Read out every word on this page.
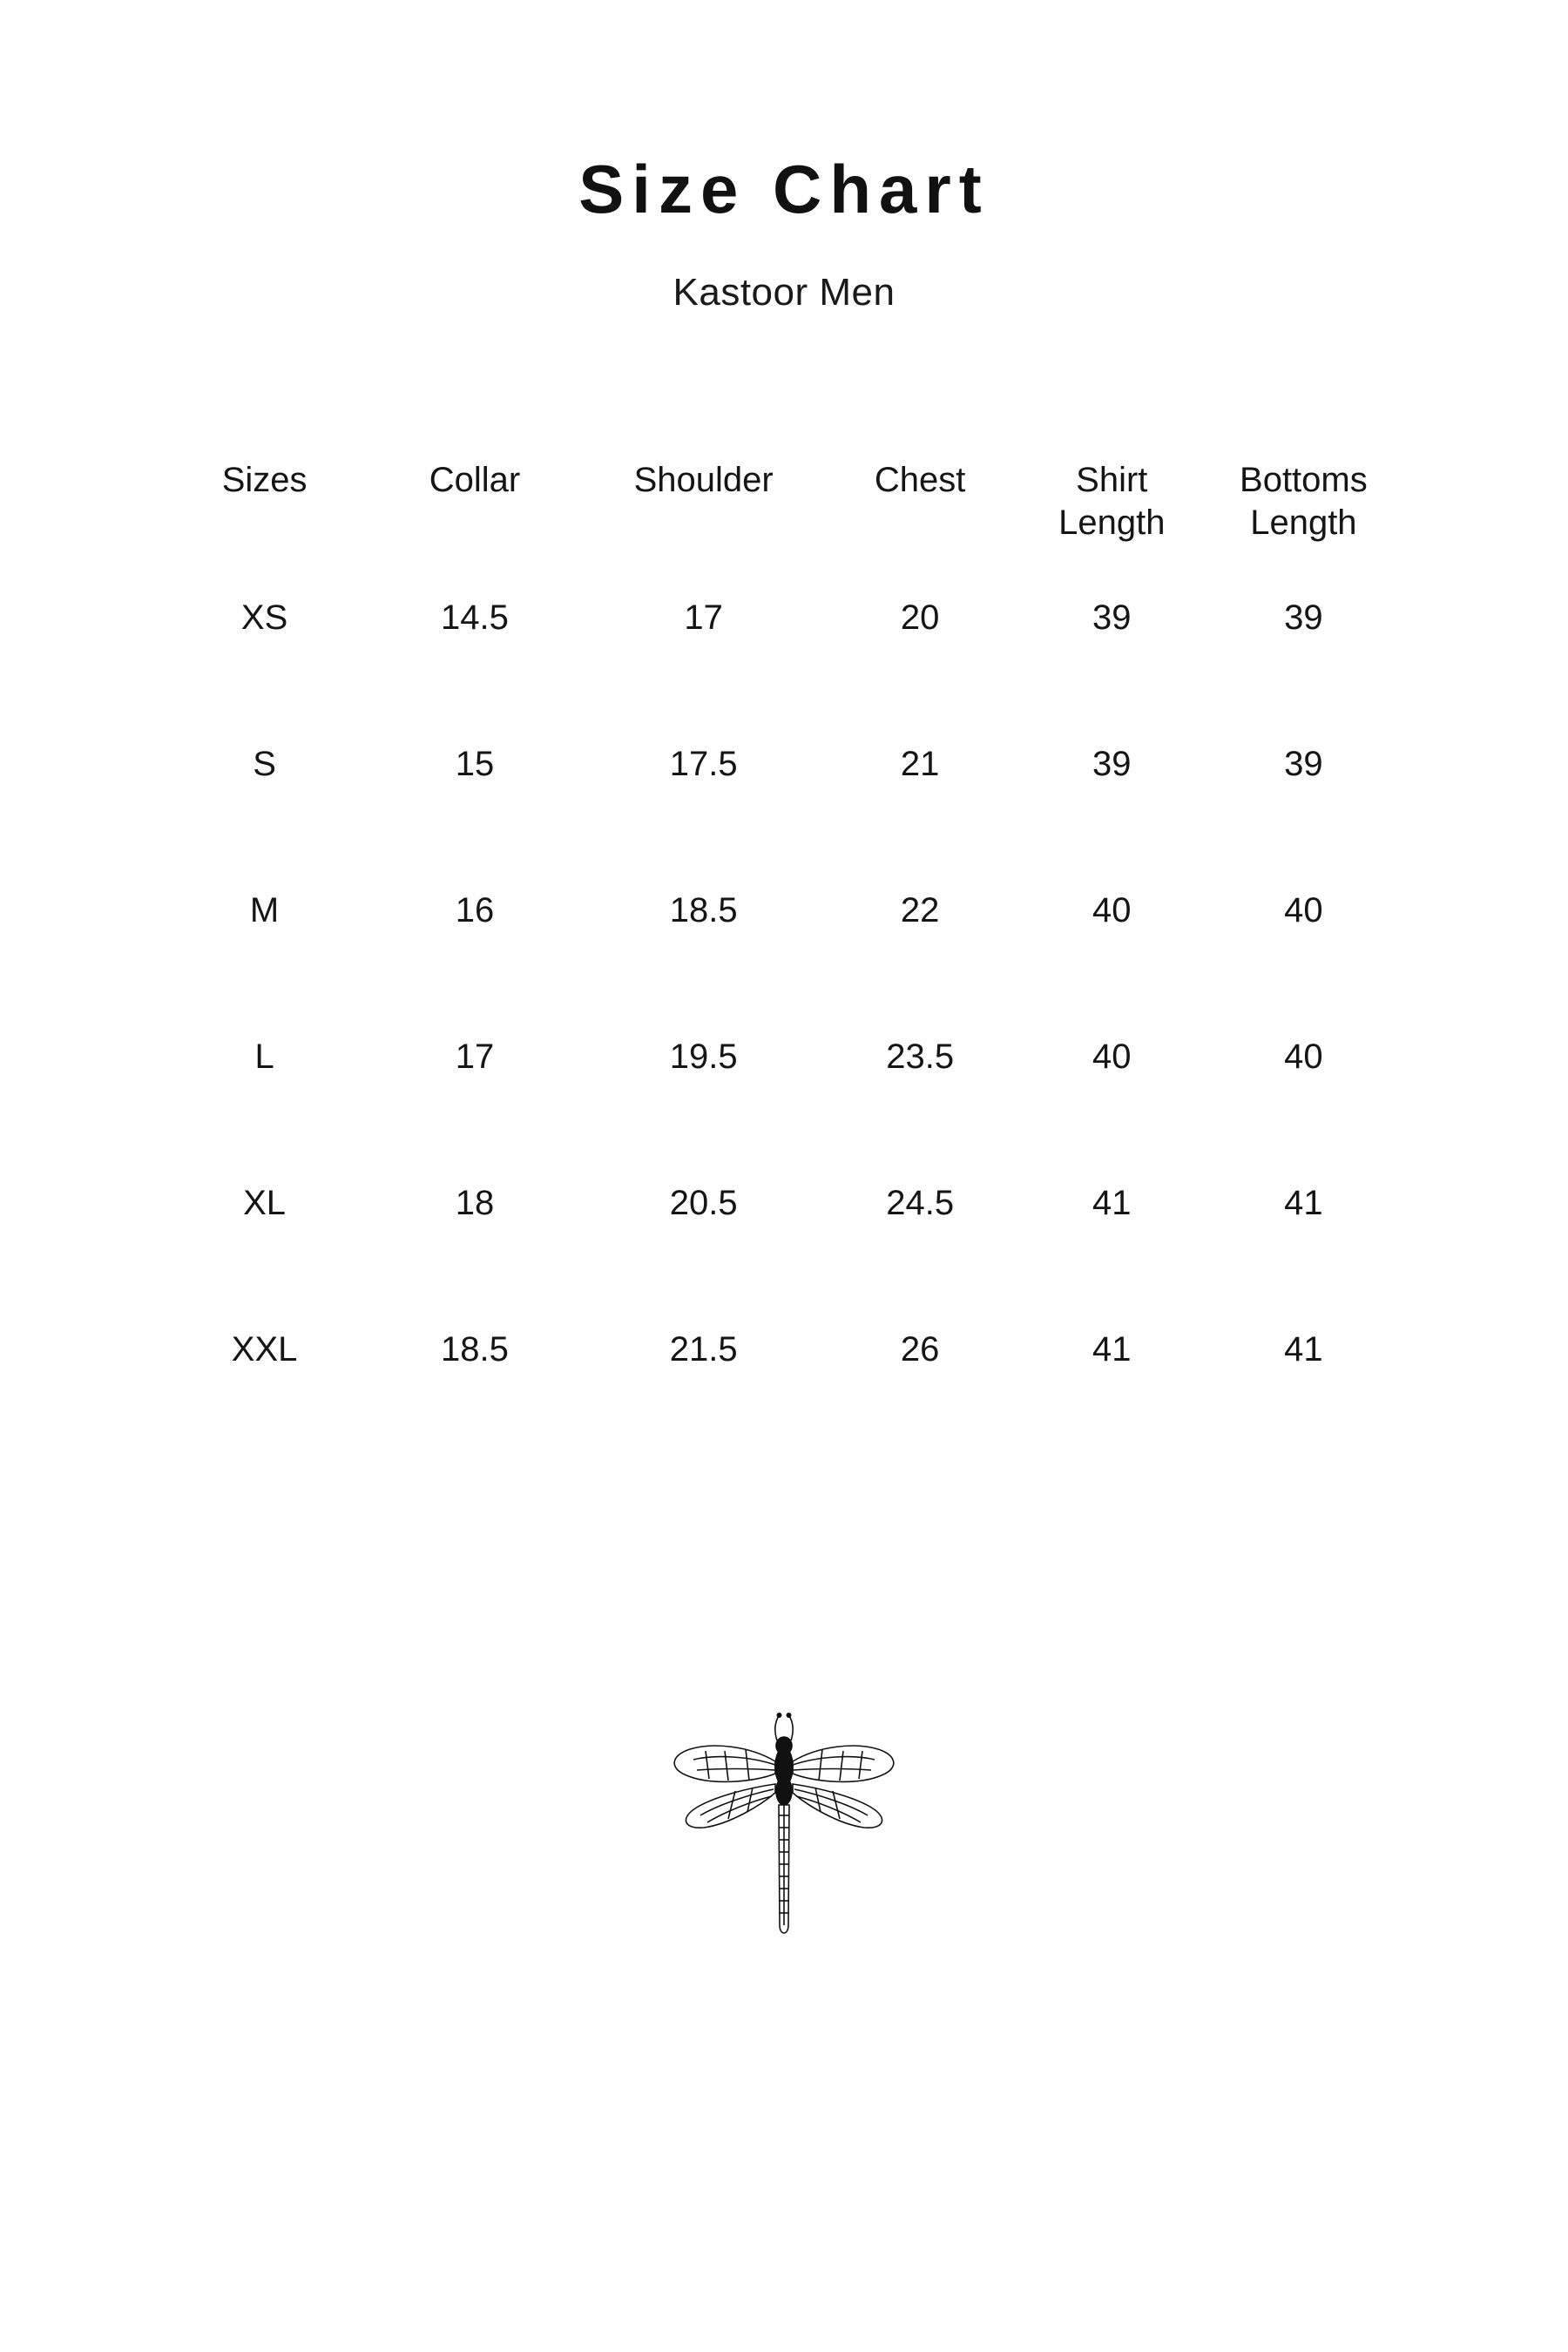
Size Chart
Kastoor Men
Sizes	Collar	Shoulder	Chest	Shirt Length	Bottoms Length
XS	14.5	17	20	39	39
S	15	17.5	21	39	39
M	16	18.5	22	40	40
L	17	19.5	23.5	40	40
XL	18	20.5	24.5	41	41
XXL	18.5	21.5	26	41	41
